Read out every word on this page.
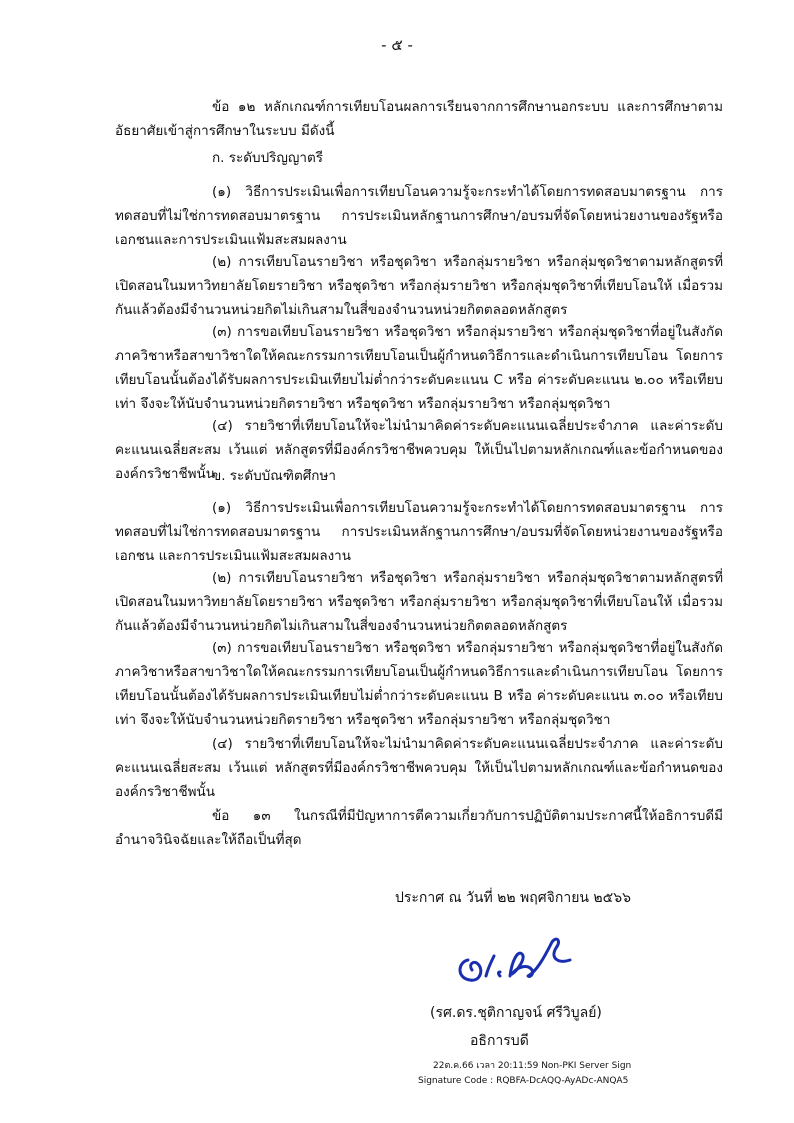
- ๕ -

ข้อ ๑๒ หลักเกณฑ์การเทียบโอนผลการเรียนจากการศึกษานอกระบบ และการศึกษาตามอัธยาศัยเข้าสู่การศึกษาในระบบ มีดังนี้

ก. ระดับปริญญาตรี

(๑) วิธีการประเมินเพื่อการเทียบโอนความรู้จะกระทำได้โดยการทดสอบมาตรฐาน การทดสอบที่ไม่ใช่การทดสอบมาตรฐาน การประเมินหลักฐานการศึกษา/อบรมที่จัดโดยหน่วยงานของรัฐหรือเอกชนและการประเมินแฟ้มสะสมผลงาน

(๒) การเทียบโอนรายวิชา หรือชุดวิชา หรือกลุ่มรายวิชา หรือกลุ่มชุดวิชาตามหลักสูตรที่เปิดสอนในมหาวิทยาลัยโดยรายวิชา หรือชุดวิชา หรือกลุ่มรายวิชา หรือกลุ่มชุดวิชาที่เทียบโอนให้ เมื่อรวมกันแล้วต้องมีจำนวนหน่วยกิตไม่เกินสามในสี่ของจำนวนหน่วยกิตตลอดหลักสูตร

(๓) การขอเทียบโอนรายวิชา หรือชุดวิชา หรือกลุ่มรายวิชา หรือกลุ่มชุดวิชาที่อยู่ในสังกัด ภาควิชาหรือสาขาวิชาใดให้คณะกรรมการเทียบโอนเป็นผู้กำหนดวิธีการและดำเนินการเทียบโอน โดยการเทียบโอนนั้นต้องได้รับผลการประเมินเทียบไม่ต่ำกว่าระดับคะแนน C หรือ ค่าระดับคะแนน ๒.๐๐ หรือเทียบเท่า จึงจะให้นับจำนวนหน่วยกิตรายวิชา หรือชุดวิชา หรือกลุ่มรายวิชา หรือกลุ่มชุดวิชา

(๔) รายวิชาที่เทียบโอนให้จะไม่นำมาคิดค่าระดับคะแนนเฉลี่ยประจำภาค และค่าระดับคะแนนเฉลี่ยสะสม เว้นแต่ หลักสูตรที่มีองค์กรวิชาชีพควบคุม ให้เป็นไปตามหลักเกณฑ์และข้อกำหนดขององค์กรวิชาชีพนั้น

ข. ระดับบัณฑิตศึกษา

(๑) วิธีการประเมินเพื่อการเทียบโอนความรู้จะกระทำได้โดยการทดสอบมาตรฐาน การทดสอบที่ไม่ใช่การทดสอบมาตรฐาน การประเมินหลักฐานการศึกษา/อบรมที่จัดโดยหน่วยงานของรัฐหรือเอกชน และการประเมินแฟ้มสะสมผลงาน

(๒) การเทียบโอนรายวิชา หรือชุดวิชา หรือกลุ่มรายวิชา หรือกลุ่มชุดวิชาตามหลักสูตรที่เปิดสอนในมหาวิทยาลัยโดยรายวิชา หรือชุดวิชา หรือกลุ่มรายวิชา หรือกลุ่มชุดวิชาที่เทียบโอนให้ เมื่อรวมกันแล้วต้องมีจำนวนหน่วยกิตไม่เกินสามในสี่ของจำนวนหน่วยกิตตลอดหลักสูตร

(๓) การขอเทียบโอนรายวิชา หรือชุดวิชา หรือกลุ่มรายวิชา หรือกลุ่มชุดวิชาที่อยู่ในสังกัด ภาควิชาหรือสาขาวิชาใดให้คณะกรรมการเทียบโอนเป็นผู้กำหนดวิธีการและดำเนินการเทียบโอน โดยการเทียบโอนนั้นต้องได้รับผลการประเมินเทียบไม่ต่ำกว่าระดับคะแนน B หรือ ค่าระดับคะแนน ๓.๐๐ หรือเทียบเท่า จึงจะให้นับจำนวนหน่วยกิตรายวิชา หรือชุดวิชา หรือกลุ่มรายวิชา หรือกลุ่มชุดวิชา

(๔) รายวิชาที่เทียบโอนให้จะไม่นำมาคิดค่าระดับคะแนนเฉลี่ยประจำภาค และค่าระดับคะแนนเฉลี่ยสะสม เว้นแต่ หลักสูตรที่มีองค์กรวิชาชีพควบคุม ให้เป็นไปตามหลักเกณฑ์และข้อกำหนดขององค์กรวิชาชีพนั้น

ข้อ ๑๓ ในกรณีที่มีปัญหาการตีความเกี่ยวกับการปฏิบัติตามประกาศนี้ให้อธิการบดีมีอำนาจวินิจฉัยและให้ถือเป็นที่สุด

ประกาศ ณ วันที่ ๒๒ พฤศจิกายน ๒๕๖๖
(รศ.ดร.ชุติกาญจน์ ศรีวิบูลย์)
อธิการบดี
22ต.ค.66 เวลา 20:11:59 Non-PKI Server Sign
Signature Code : RQBFA-DcAQQ-AyADc-ANQA5
